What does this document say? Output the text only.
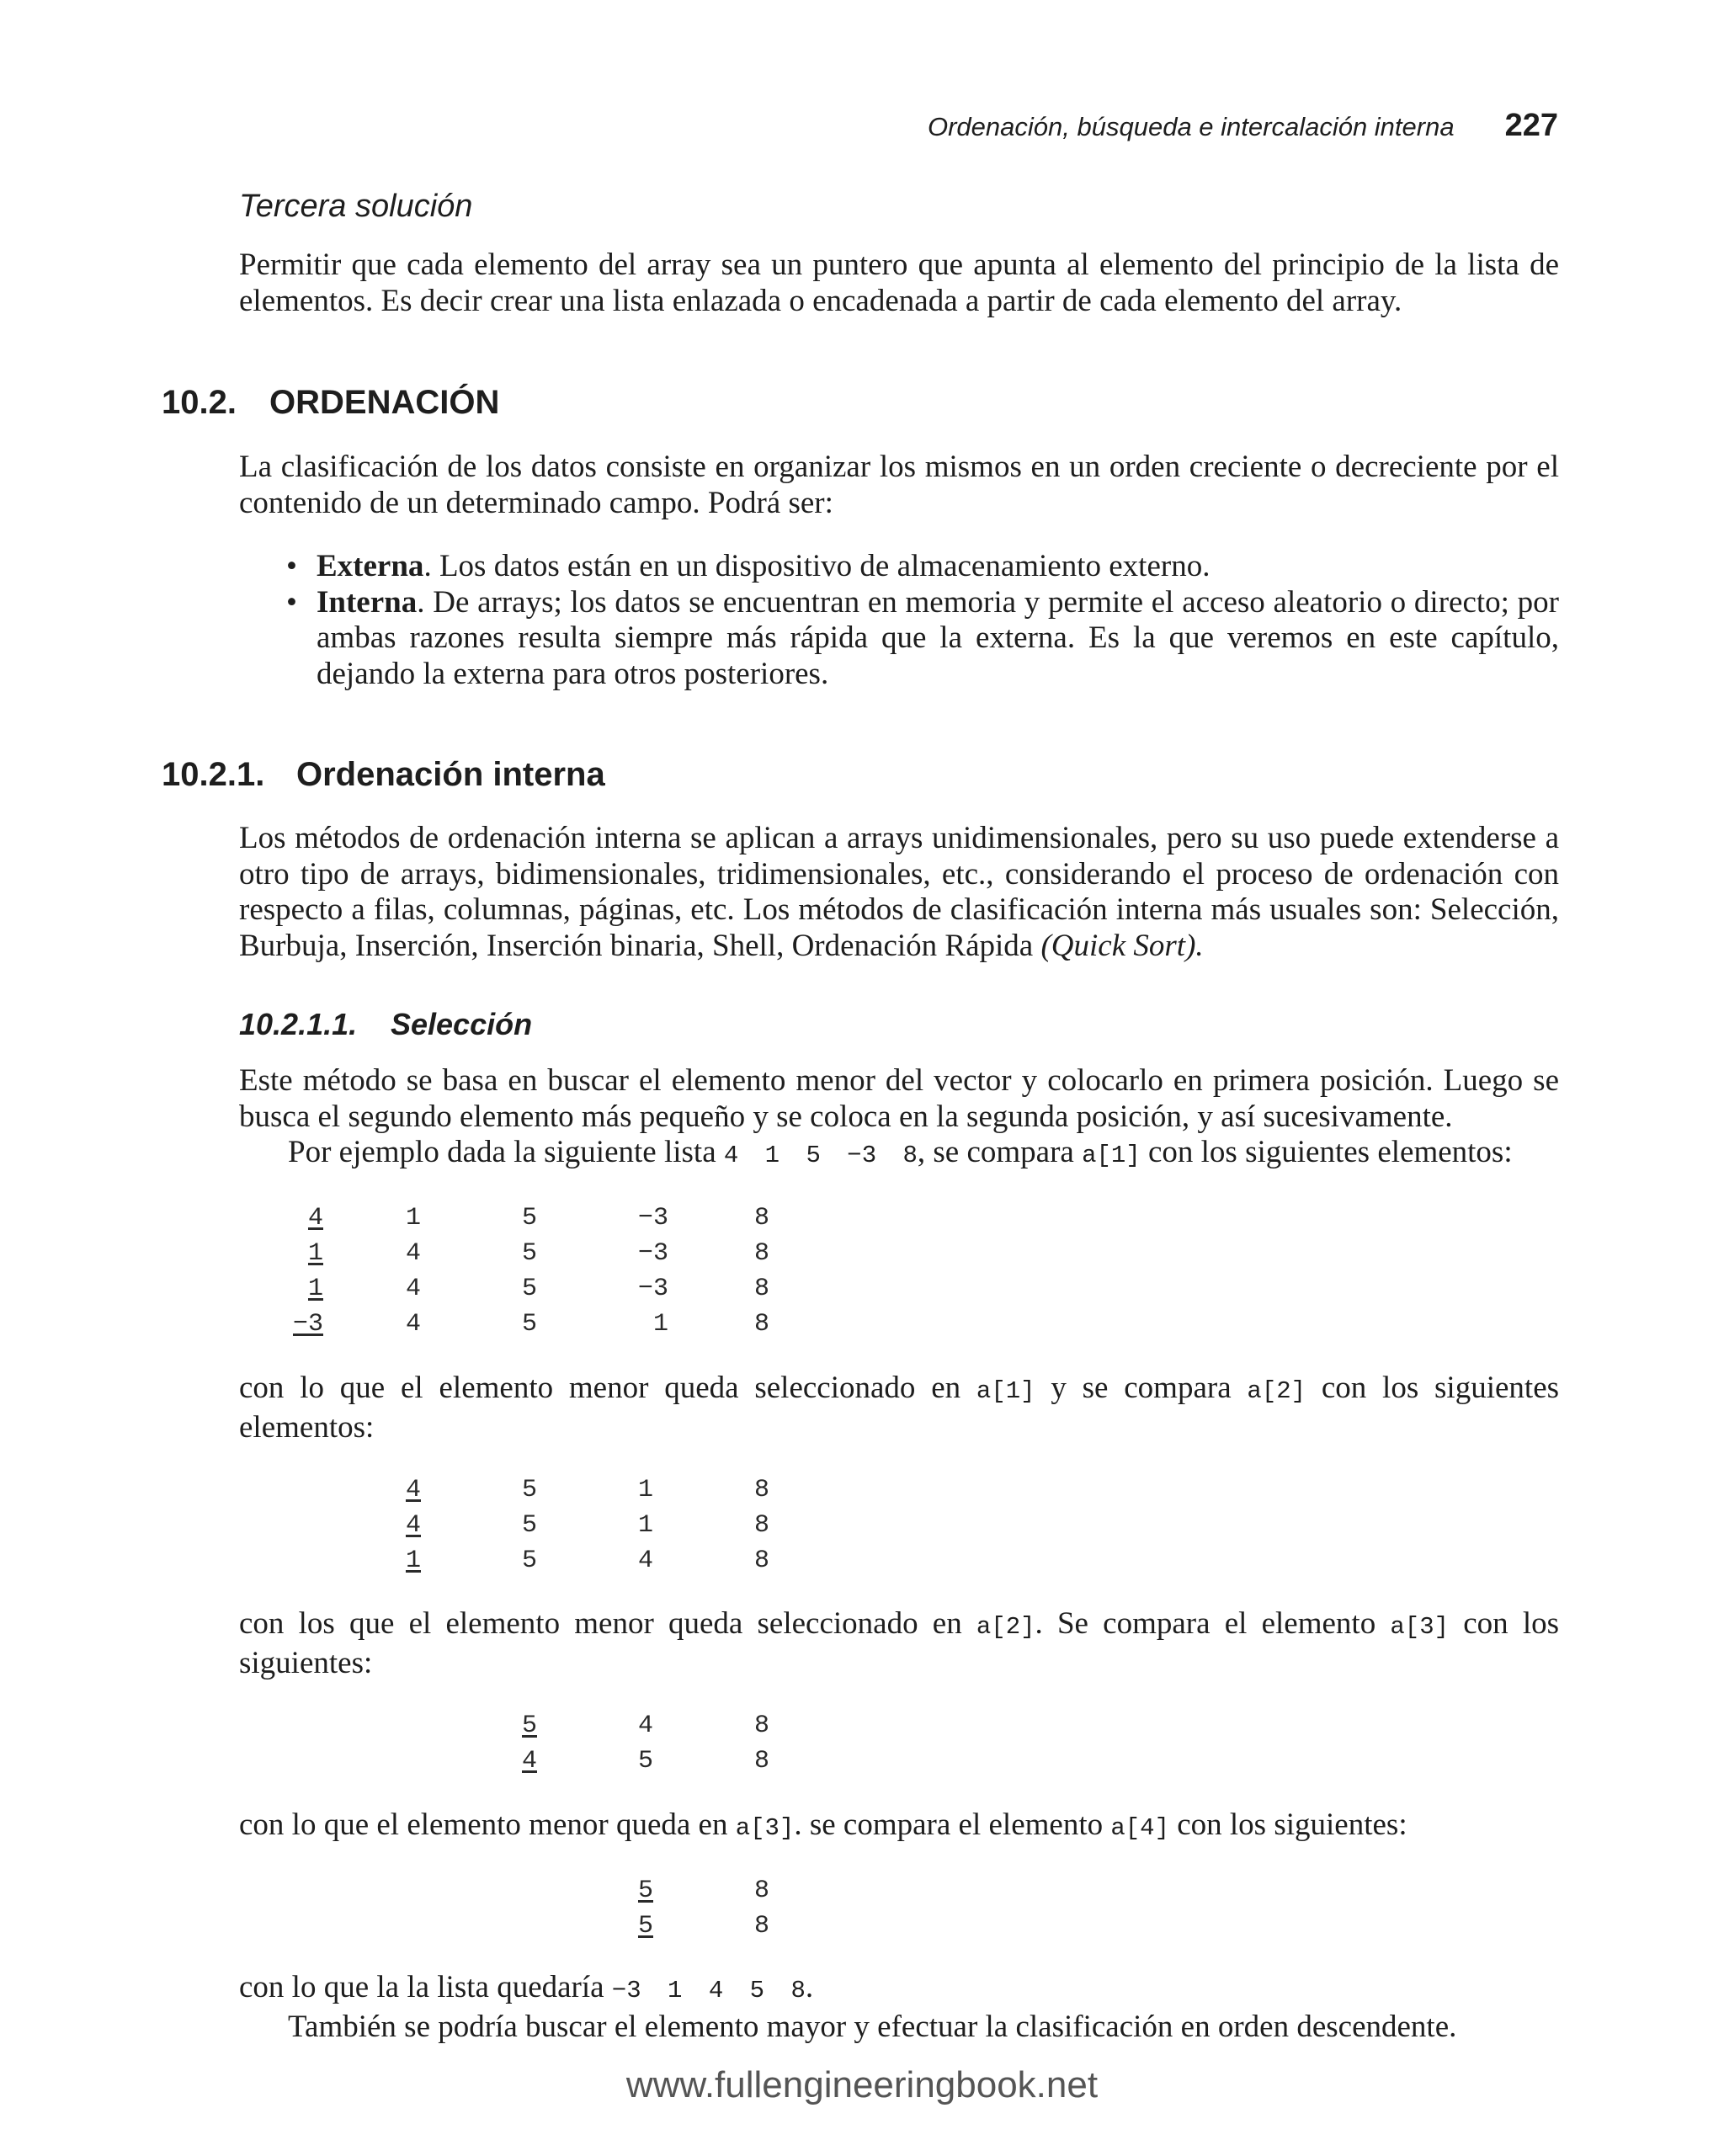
Ordenación, búsqueda e intercalación interna 227
Tercera solución
Permitir que cada elemento del array sea un puntero que apunta al elemento del principio de la lista de elementos. Es decir crear una lista enlazada o encadenada a partir de cada elemento del array.
10.2. ORDENACIÓN
La clasificación de los datos consiste en organizar los mismos en un orden creciente o decreciente por el contenido de un determinado campo. Podrá ser:
• Externa. Los datos están en un dispositivo de almacenamiento externo.
• Interna. De arrays; los datos se encuentran en memoria y permite el acceso aleatorio o directo; por ambas razones resulta siempre más rápida que la externa. Es la que veremos en este capítulo, dejando la externa para otros posteriores.
10.2.1. Ordenación interna
Los métodos de ordenación interna se aplican a arrays unidimensionales, pero su uso puede extenderse a otro tipo de arrays, bidimensionales, tridimensionales, etc., considerando el proceso de ordenación con respecto a filas, columnas, páginas, etc. Los métodos de clasificación interna más usuales son: Selección, Burbuja, Inserción, Inserción binaria, Shell, Ordenación Rápida (Quick Sort).
10.2.1.1. Selección
Este método se basa en buscar el elemento menor del vector y colocarlo en primera posición. Luego se busca el segundo elemento más pequeño y se coloca en la segunda posición, y así sucesivamente.
Por ejemplo dada la siguiente lista 4 1 5 −3 8, se compara a[1] con los siguientes elementos:
4	1	5	−3	8
1	4	5	−3	8
1	4	5	−3	8
−3	4	5	1	8
con lo que el elemento menor queda seleccionado en a[1] y se compara a[2] con los siguientes elementos:
4	5	1	8
4	5	1	8
1	5	4	8
con los que el elemento menor queda seleccionado en a[2]. Se compara el elemento a[3] con los siguientes:
5	4	8
4	5	8
con lo que el elemento menor queda en a[3]. se compara el elemento a[4] con los siguientes:
5	8
5	8
con lo que la la lista quedaría −3 1 4 5 8.
También se podría buscar el elemento mayor y efectuar la clasificación en orden descendente.
www.fullengineeringbook.net
